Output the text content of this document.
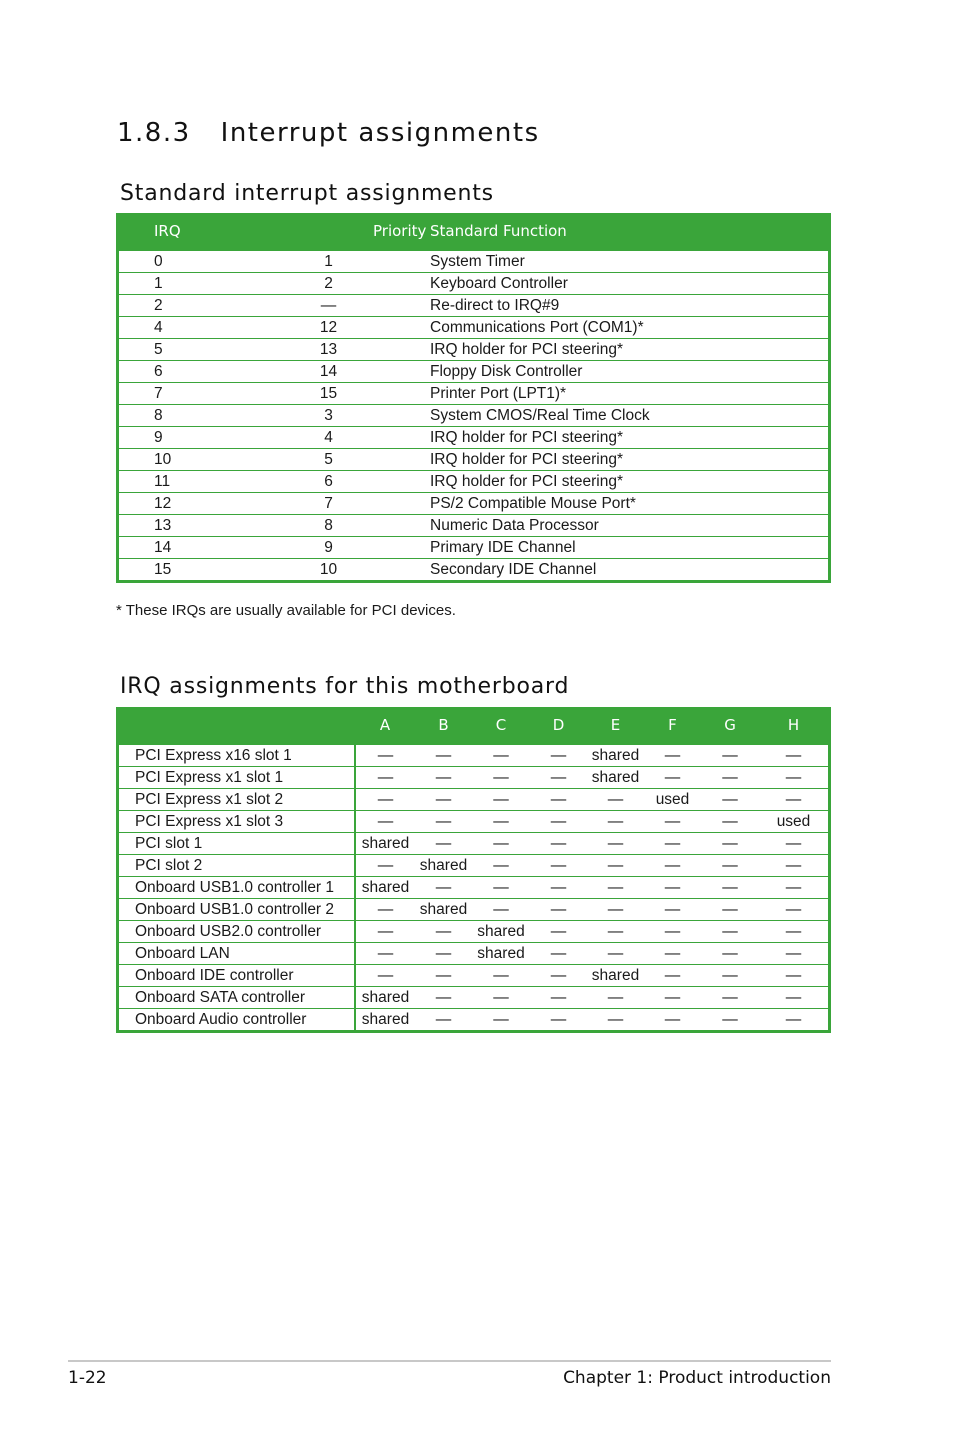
1.8.3 Interrupt assignments
Standard interrupt assignments
IRQ	Priority	Standard Function
0	1	System Timer
1	2	Keyboard Controller
2	—	Re-direct to IRQ#9
4	12	Communications Port (COM1)*
5	13	IRQ holder for PCI steering*
6	14	Floppy Disk Controller
7	15	Printer Port (LPT1)*
8	3	System CMOS/Real Time Clock
9	4	IRQ holder for PCI steering*
10	5	IRQ holder for PCI steering*
11	6	IRQ holder for PCI steering*
12	7	PS/2 Compatible Mouse Port*
13	8	Numeric Data Processor
14	9	Primary IDE Channel
15	10	Secondary IDE Channel

* These IRQs are usually available for PCI devices.

IRQ assignments for this motherboard
	A	B	C	D	E	F	G	H
PCI Express x16 slot 1	—	—	—	—	shared	—	—	—
PCI Express x1 slot 1	—	—	—	—	shared	—	—	—
PCI Express x1 slot 2	—	—	—	—	—	used	—	—
PCI Express x1 slot 3	—	—	—	—	—	—	—	used
PCI slot 1	shared	—	—	—	—	—	—	—
PCI slot 2	—	shared	—	—	—	—	—	—
Onboard USB1.0 controller 1	shared	—	—	—	—	—	—	—
Onboard USB1.0 controller 2	—	shared	—	—	—	—	—	—
Onboard USB2.0 controller	—	—	shared	—	—	—	—	—
Onboard LAN	—	—	shared	—	—	—	—	—
Onboard IDE controller	—	—	—	—	shared	—	—	—
Onboard SATA controller	shared	—	—	—	—	—	—	—
Onboard Audio controller	shared	—	—	—	—	—	—	—
1-22	Chapter 1: Product introduction
